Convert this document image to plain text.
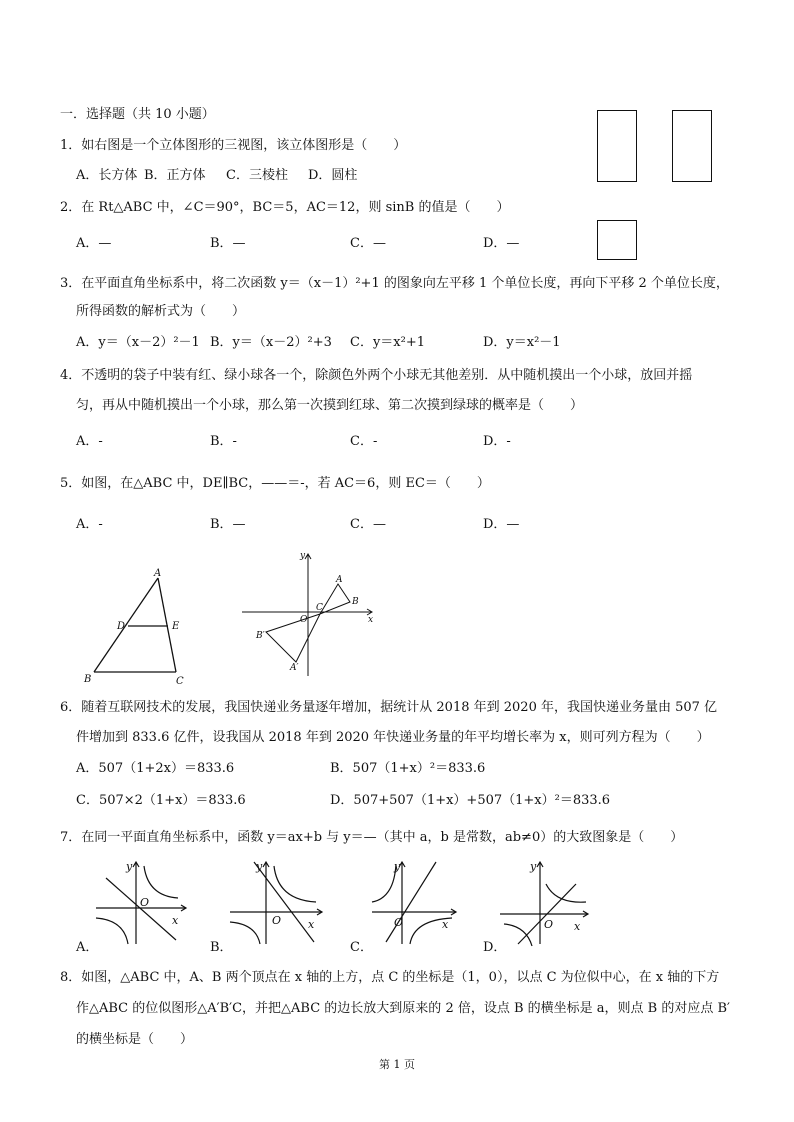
一．选择题（共 10 小题）
1．如右图是一个立体图形的三视图，该立体图形是（　　）
A．长方体 B．正方体 C．三棱柱 D．圆柱
2．在 Rt△ABC 中，∠C＝90°，BC＝5，AC＝12，则 sinB 的值是（　　）
A．—	B．—	C．—	D．—
3．在平面直角坐标系中，将二次函数 y＝（x－1）²+1 的图象向左平移 1 个单位长度，再向下平移 2 个单位长度，
所得函数的解析式为（　　）
A．y＝（x－2）²－1 B．y＝（x－2）²+3 C．y＝x²+1	D．y＝x²－1
4．不透明的袋子中装有红、绿小球各一个，除颜色外两个小球无其他差别．从中随机摸出一个小球，放回并摇
匀，再从中随机摸出一个小球，那么第一次摸到红球、第二次摸到绿球的概率是（　　）
A．-	B．-	C．-	D．-
5．如图，在△ABC 中，DE∥BC，——＝-，若 AC＝6，则 EC＝（　　）
A．-	B．—	C．—	D．—
A
B	C
D	E
x
y
O
A
B
C
A′
B′
6．随着互联网技术的发展，我国快递业务量逐年增加，据统计从 2018 年到 2020 年，我国快递业务量由 507 亿
件增加到 833.6 亿件，设我国从 2018 年到 2020 年快递业务量的年平均增长率为 x，则可列方程为（　　）
A．507（1+2x）＝833.6	B．507（1+x）²＝833.6
C．507×2（1+x）＝833.6	D．507+507（1+x）+507（1+x）²＝833.6
7．在同一平面直角坐标系中，函数 y＝ax+b 与 y＝—（其中 a，b 是常数，ab≠0）的大致图象是（　　）
y
x
O
A．
y
x
O
B．
y
x
O
C．
y
x
O
D．
8．如图，△ABC 中，A、B 两个顶点在 x 轴的上方，点 C 的坐标是（1，0），以点 C 为位似中心，在 x 轴的下方
作△ABC 的位似图形△A′B′C，并把△ABC 的边长放大到原来的 2 倍，设点 B 的横坐标是 a，则点 B 的对应点 B′
的横坐标是（　　）
第 1 页
